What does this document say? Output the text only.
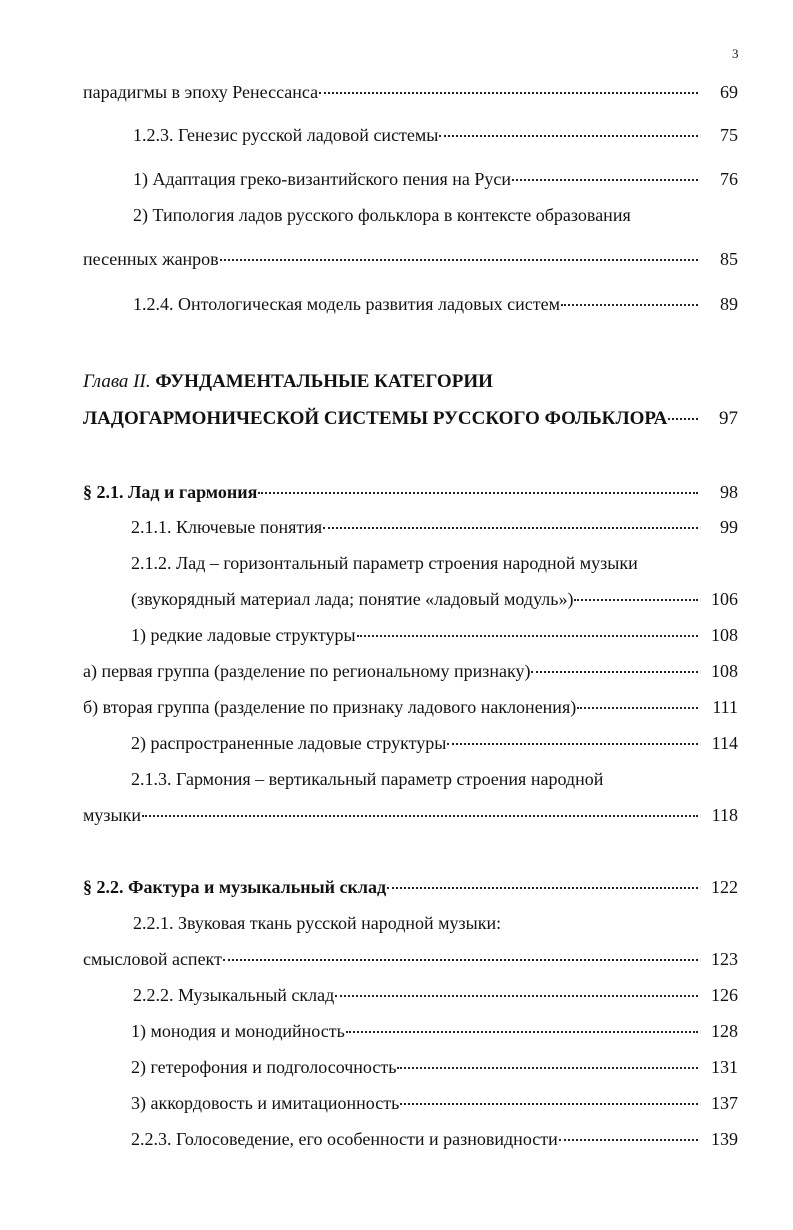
3
парадигмы в эпоху Ренессанса	69
1.2.3. Генезис русской ладовой системы	75
1) Адаптация греко-византийского пения на Руси	76
2) Типология ладов русского фольклора в контексте образования
песенных жанров	85
1.2.4. Онтологическая модель развития ладовых систем	89
Глава II. ФУНДАМЕНТАЛЬНЫЕ КАТЕГОРИИ
ЛАДОГАРМОНИЧЕСКОЙ СИСТЕМЫ РУССКОГО ФОЛЬКЛОРА	97
§ 2.1. Лад и гармония	98
2.1.1. Ключевые понятия	99
2.1.2. Лад – горизонтальный параметр строения народной музыки
(звукорядный материал лада; понятие «ладовый модуль»)	106
1) редкие ладовые структуры	108
а) первая группа (разделение по региональному признаку)	108
б) вторая группа (разделение по признаку ладового наклонения)	111
2) распространенные ладовые структуры	114
2.1.3. Гармония – вертикальный параметр строения народной
музыки	118
§ 2.2. Фактура и музыкальный склад	122
2.2.1. Звуковая ткань русской народной музыки:
смысловой аспект	123
2.2.2. Музыкальный склад	126
1) монодия и монодийность	128
2) гетерофония и подголосочность	131
3) аккордовость и имитационность	137
2.2.3. Голосоведение, его особенности и разновидности	139
